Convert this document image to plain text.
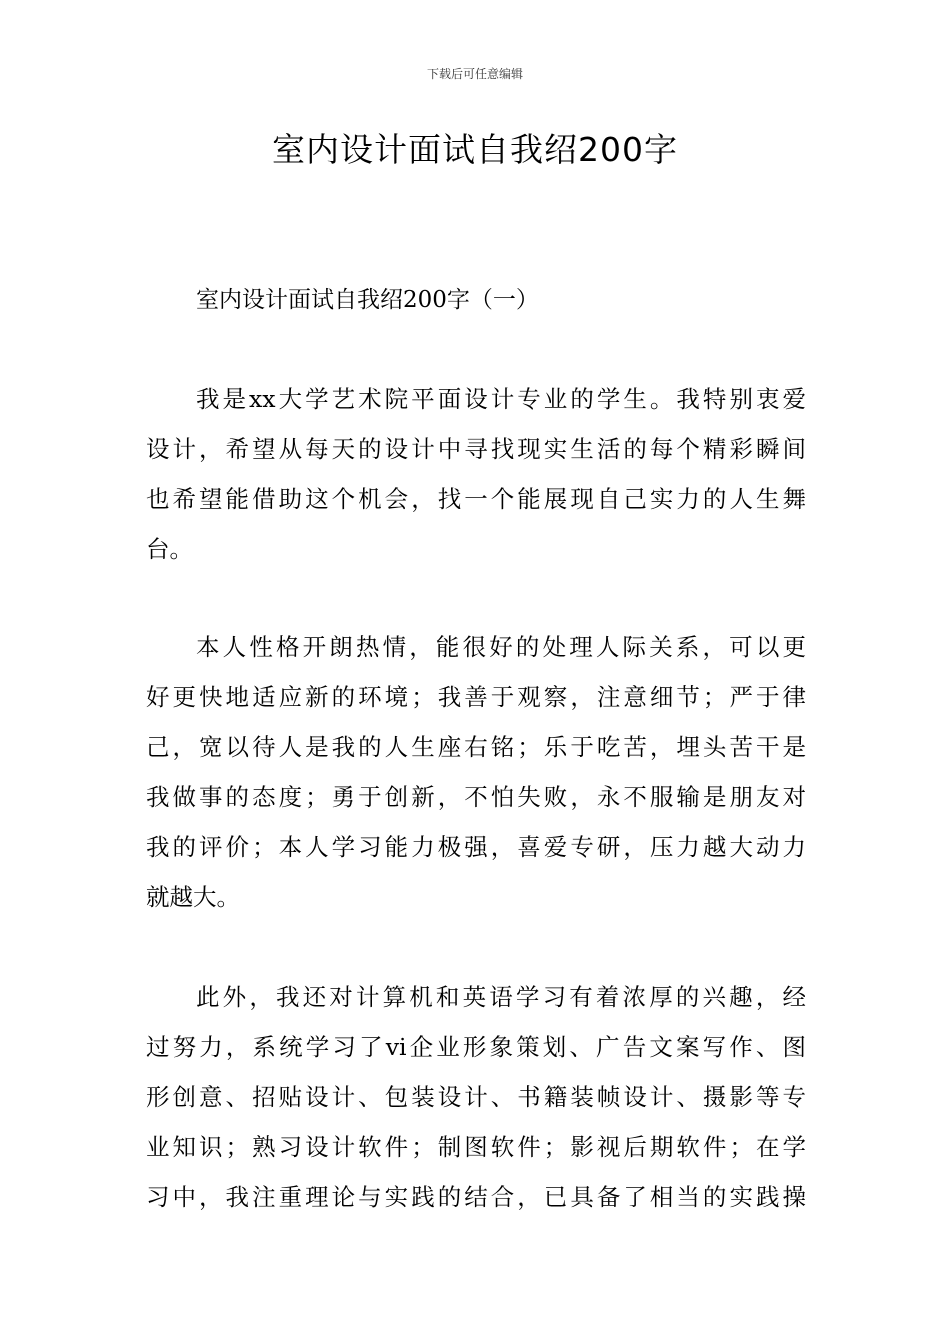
下载后可任意编辑
室内设计面试自我绍200字

室内设计面试自我绍200字（一）

我是xx大学艺术院平面设计专业的学生。我特别衷爱
设计，希望从每天的设计中寻找现实生活的每个精彩瞬间
也希望能借助这个机会，找一个能展现自己实力的人生舞
台。

本人性格开朗热情，能很好的处理人际关系，可以更
好更快地适应新的环境；我善于观察，注意细节；严于律
己，宽以待人是我的人生座右铭；乐于吃苦，埋头苦干是
我做事的态度；勇于创新，不怕失败，永不服输是朋友对
我的评价；本人学习能力极强，喜爱专研，压力越大动力
就越大。

此外，我还对计算机和英语学习有着浓厚的兴趣，经
过努力，系统学习了vi企业形象策划、广告文案写作、图
形创意、招贴设计、包装设计、书籍装帧设计、摄影等专
业知识；熟习设计软件；制图软件；影视后期软件；在学
习中，我注重理论与实践的结合，已具备了相当的实践操
